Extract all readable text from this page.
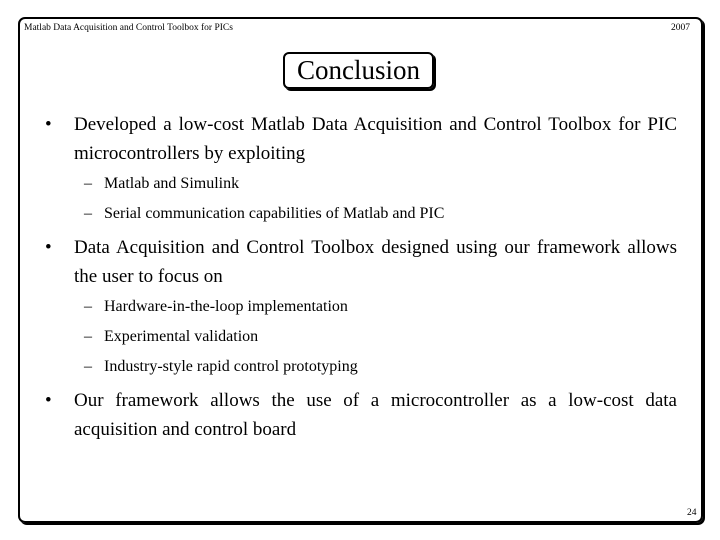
Matlab Data Acquisition and Control Toolbox for PICs	2007
Conclusion
• Developed a low-cost Matlab Data Acquisition and Control Toolbox for PIC microcontrollers by exploiting
– Matlab and Simulink
– Serial communication capabilities of Matlab and PIC
• Data Acquisition and Control Toolbox designed using our framework allows the user to focus on
– Hardware-in-the-loop implementation
– Experimental validation
– Industry-style rapid control prototyping
• Our framework allows the use of a microcontroller as a low-cost data acquisition and control board
24
